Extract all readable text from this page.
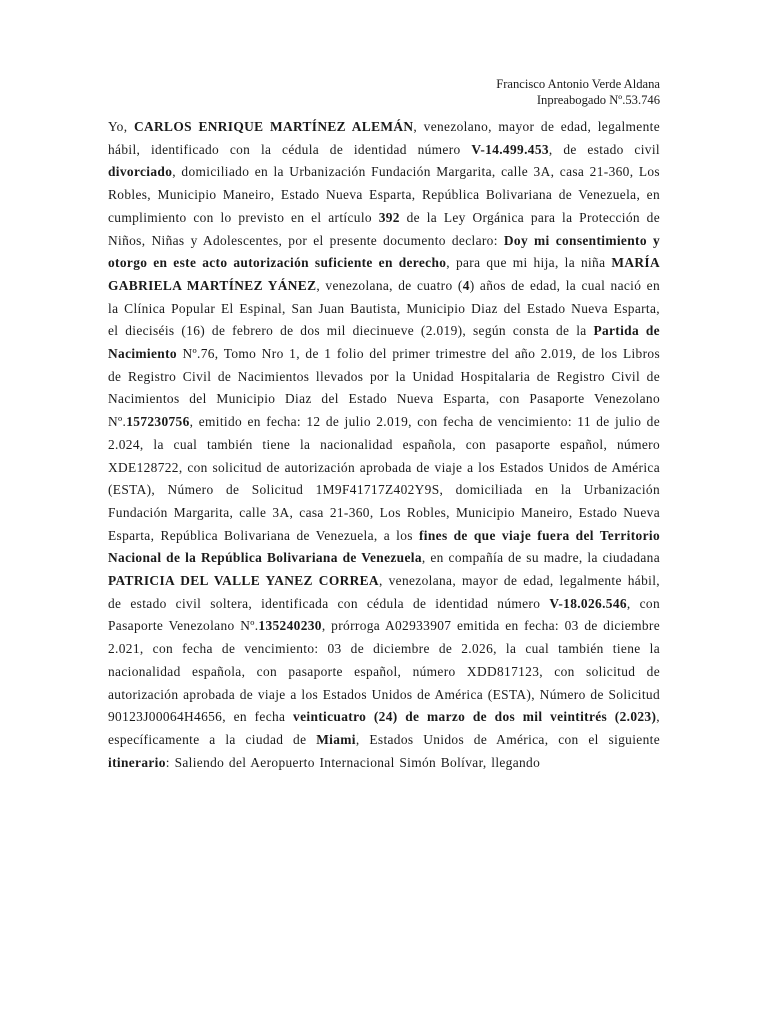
Francisco Antonio Verde Aldana
Inpreabogado Nº.53.746
Yo, CARLOS ENRIQUE MARTÍNEZ ALEMÁN, venezolano, mayor de edad, legalmente hábil, identificado con la cédula de identidad número V-14.499.453, de estado civil divorciado, domiciliado en la Urbanización Fundación Margarita, calle 3A, casa 21-360, Los Robles, Municipio Maneiro, Estado Nueva Esparta, República Bolivariana de Venezuela, en cumplimiento con lo previsto en el artículo 392 de la Ley Orgánica para la Protección de Niños, Niñas y Adolescentes, por el presente documento declaro: Doy mi consentimiento y otorgo en este acto autorización suficiente en derecho, para que mi hija, la niña MARÍA GABRIELA MARTÍNEZ YÁNEZ, venezolana, de cuatro (4) años de edad, la cual nació en la Clínica Popular El Espinal, San Juan Bautista, Municipio Diaz del Estado Nueva Esparta, el dieciséis (16) de febrero de dos mil diecinueve (2.019), según consta de la Partida de Nacimiento Nº.76, Tomo Nro 1, de 1 folio del primer trimestre del año 2.019, de los Libros de Registro Civil de Nacimientos llevados por la Unidad Hospitalaria de Registro Civil de Nacimientos del Municipio Diaz del Estado Nueva Esparta, con Pasaporte Venezolano Nº.157230756, emitido en fecha: 12 de julio 2.019, con fecha de vencimiento: 11 de julio de 2.024, la cual también tiene la nacionalidad española, con pasaporte español, número XDE128722, con solicitud de autorización aprobada de viaje a los Estados Unidos de América (ESTA), Número de Solicitud 1M9F41717Z402Y9S, domiciliada en la Urbanización Fundación Margarita, calle 3A, casa 21-360, Los Robles, Municipio Maneiro, Estado Nueva Esparta, República Bolivariana de Venezuela, a los fines de que viaje fuera del Territorio Nacional de la República Bolivariana de Venezuela, en compañía de su madre, la ciudadana PATRICIA DEL VALLE YANEZ CORREA, venezolana, mayor de edad, legalmente hábil, de estado civil soltera, identificada con cédula de identidad número V-18.026.546, con Pasaporte Venezolano Nº.135240230, prórroga A02933907 emitida en fecha: 03 de diciembre 2.021, con fecha de vencimiento: 03 de diciembre de 2.026, la cual también tiene la nacionalidad española, con pasaporte español, número XDD817123, con solicitud de autorización aprobada de viaje a los Estados Unidos de América (ESTA), Número de Solicitud 90123J00064H4656, en fecha veinticuatro (24) de marzo de dos mil veintitrés (2.023), específicamente a la ciudad de Miami, Estados Unidos de América, con el siguiente itinerario: Saliendo del Aeropuerto Internacional Simón Bolívar, llegando
